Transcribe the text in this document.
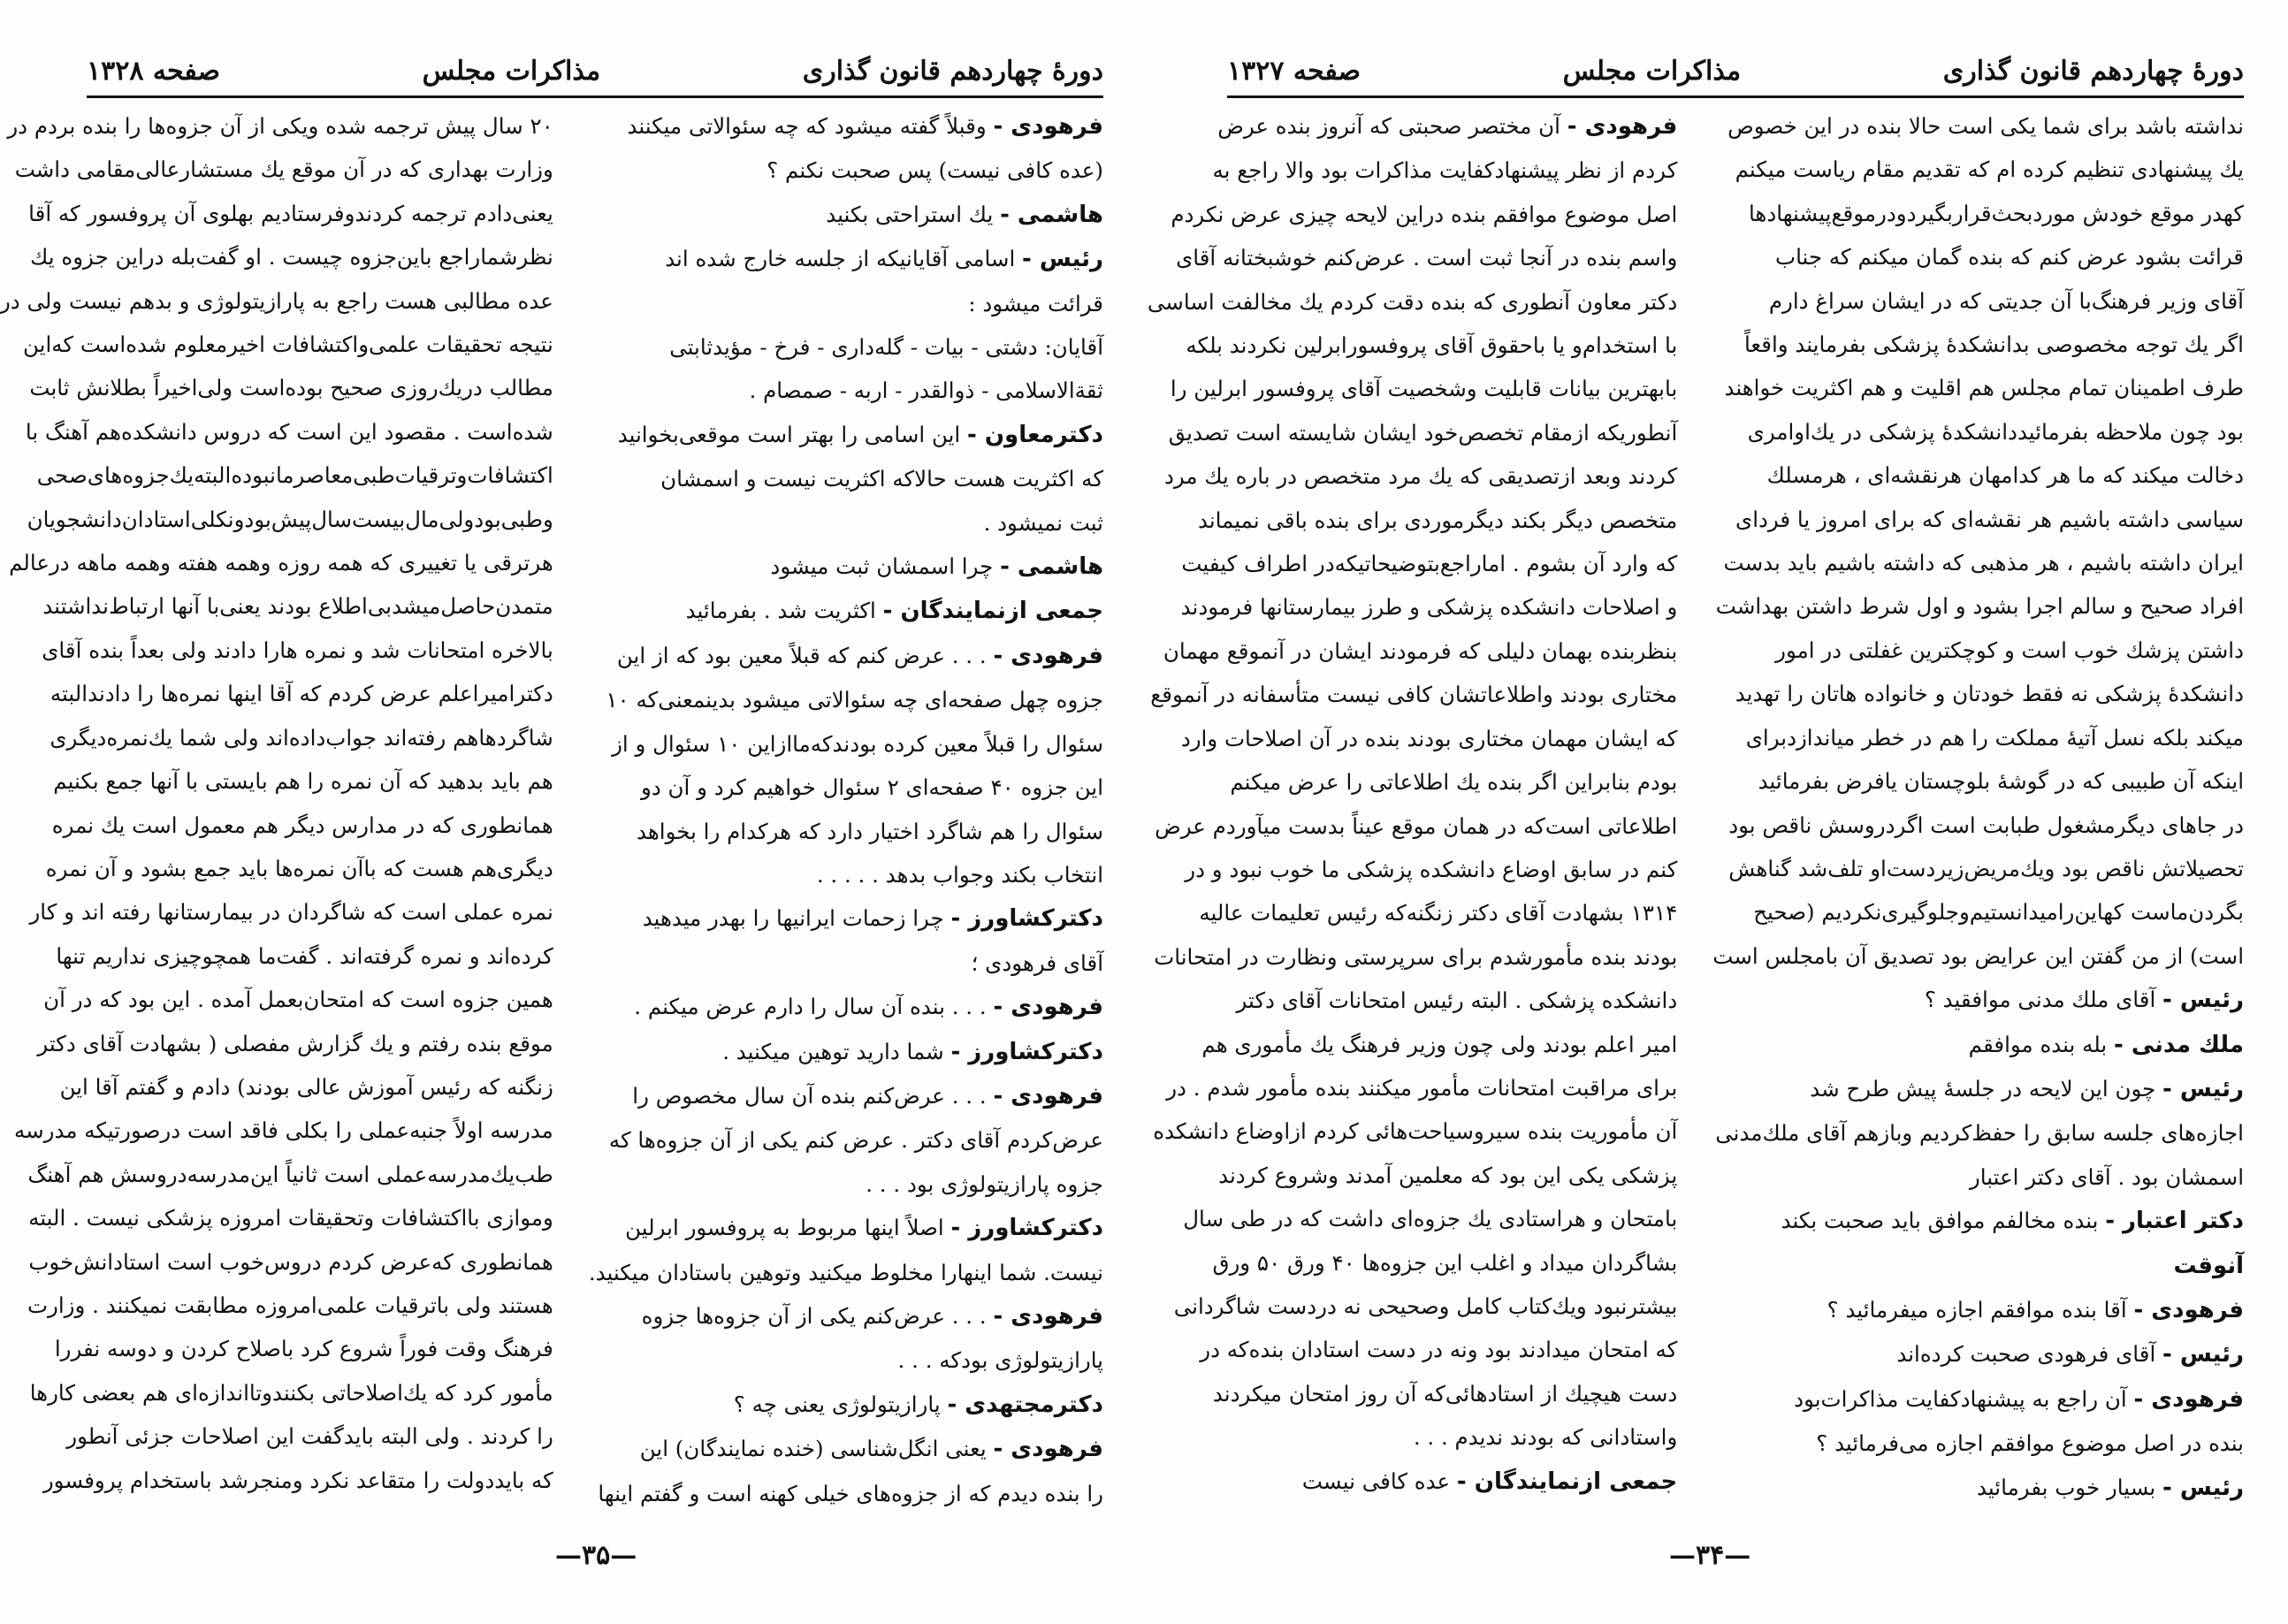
دورهٔ چهاردهم قانون گذاری
مذاکرات مجلس
صفحه ۱۳۲۸

فرهودی - وقبلاً گفته میشود که چه سئوالاتی میکنند

(عده کافی نیست) پس صحبت نکنم ؟

هاشمی - یك استراحتی بکنید

رئیس - اسامی آقایانیکه از جلسه خارج شده اند

قرائت میشود :

آقایان: دشتی - بیات - گله‌داری - فرخ - مؤیدثابتی

ثقةالاسلامی - ذوالقدر - اربه - صمصام .

دکترمعاون - این اسامی را بهتر است موقعی‌بخوانید

که اکثریت هست حالاکه اکثریت نیست و اسمشان

ثبت نمیشود .

هاشمی - چرا اسمشان ثبت میشود

جمعی ازنمایندگان - اکثریت شد . بفرمائید

فرهودی - . . . عرض کنم که قبلاً معین بود که از این

جزوه چهل صفحه‌ای چه سئوالاتی میشود بدینمعنی‌که ۱۰

سئوال را قبلاً معین کرده بودند‌که‌مااز‌این ۱۰ سئوال و از

این جزوه ۴۰ صفحه‌ای ۲ سئوال خواهیم کرد و آن دو

سئوال را هم شاگرد اختیار دارد که هرکدام را بخواهد

انتخاب بکند وجواب بدهد . . . . .

دکترکشاورز - چرا زحمات ایرانیها را بهدر میدهید

آقای فرهودی ؛

فرهودی - . . . بنده آن سال را دارم عرض میکنم .

دکترکشاورز - شما دارید توهین میکنید .

فرهودی - . . . عرض‌کنم بنده آن سال مخصوص را

عرض‌کردم آقای دکتر . عرض کنم یکی از آن جزوه‌ها که

جزوه پارازیتولوژی بود . . .

دکترکشاورز - اصلاً اینها مربوط به پروفسور ابرلین

نیست. شما اینهارا مخلوط میکنید وتوهین باستادان میکنید.

فرهودی - . . . عرض‌کنم یکی از آن جزوه‌ها جزوه

پارازیتولوژی بودکه . . .

دکترمجتهدی - پارازیتولوژی یعنی چه ؟

فرهودی - یعنی انگل‌شناسی (خنده نمایندگان) این

را بنده دیدم که از جزوه‌های خیلی کهنه است و گفتم اینها

۲۰ سال پیش ترجمه شده ویکی از آن جزوه‌ها را بنده بردم در

وزارت بهداری که در آن موقع یك مستشارعالی‌مقامی داشت

یعنی‌دادم ترجمه کردندوفرستادیم بهلوی آن پروفسور که آقا

نظرشمارا‌جع باین‌جزوه چیست . او گفت‌بله در‌این جزوه یك

عده مطالبی هست راجع به پارازیتولوژی و بدهم نیست ولی در

نتیجه تحقیقات علمی‌واکتشافات اخیرمعلوم شده‌است که‌این

مطالب دریك‌روزی صحیح بوده‌است ولی‌اخیراً بطلانش ثابت

شده‌است . مقصود این است که دروس دانشکده‌هم آهنگ با

اکتشافات‌وترقیات‌طبی‌معاصرمانبوده‌البته‌یك‌جزوه‌های‌صحی

وطبی‌بودولی‌مال‌بیست‌سال‌پیش‌بودونکلی‌استادان‌دانشجویان

هرترقی یا تغییری که همه روزه وهمه هفته وهمه ماهه درعالم

متمدن‌حاصل‌میشدبی‌اطلاع بودند یعنی‌با آنها ارتباط‌نداشتند

بالاخره امتحانات شد و نمره هارا دادند ولی بعداً بنده آقای

دکترامیراعلم عرض کردم که آقا اینها نمره‌ها را دادندالبته

شاگردهاهم رفته‌اند جواب‌داده‌اند ولی شما یك‌نمره‌دیگری

هم باید بدهید که آن نمره را هم بایستی با آنها جمع بکنیم

همانطوری که در مدارس دیگر هم معمول است یك نمره

دیگری‌هم هست که باآن نمره‌ها باید جمع بشود و آن نمره

نمره عملی است که شاگردان در بیمارستانها رفته اند و کار

کرده‌اند و نمره گرفته‌اند . گفت‌ما همچوچیزی نداریم تنها

همین جزوه است که امتحان‌بعمل آمده . این بود که در آن

موقع بنده رفتم و یك گزارش مفصلی ( بشهادت آقای دکتر

زنگنه که رئیس آموزش عالی بودند) دادم و گفتم آقا این

مدرسه اولاً جنبه‌عملی را بکلی فاقد است درصورتیکه مدرسه

طب‌یك‌مدرسه‌عملی است ثانیاً این‌مدرسه‌دروسش هم آهنگ

وموازی باا‌کتشافات وتحقیقات امروزه پزشکی نیست . البته

همانطوری که‌عرض کردم دروس‌خوب است استادانش‌خوب

هستند ولی باترقیات علمی‌امروزه مطابقت نمیکنند . وزارت

فرهنگ وقت فوراً شروع کرد باصلاح کردن و دوسه نفر‌را

مأمور کرد که یك‌اصلاحاتی بکنندو‌تااندازه‌ای هم بعضی کارها

را کردند . ولی البته بایدگفت این اصلاحات جزئی آنطور

که بایددولت را متقاعد نکرد ومنجرشد باستخدام پروفسور

—۳۵—
دورهٔ چهاردهم قانون گذاری
مذاکرات مجلس
صفحه ۱۳۲۷

نداشته باشد برای شما یکی است حالا بنده در این خصوص

یك پیشنهادی تنظیم کرده ام که تقدیم مقام ریاست میکنم

کهدر موقع خودش موردبحث‌قراربگیرد‌ودرموقع‌پیشنهادها

قرائت بشود عرض کنم که بنده گمان میکنم که جناب

آقای وزیر فرهنگ‌با آن جدیتی که در ایشان سراغ دارم

اگر یك توجه مخصوصی بدانشکدهٔ پزشکی بفرمایند واقعاً

طرف اطمینان تمام مجلس هم اقلیت و هم اکثریت خواهند

بود چون ملاحظه بفرمائیددانشکدهٔ پزشکی در یك‌اوامری

دخالت میکند که ما هر کدامهان هرنقشه‌ای ، هرمسلك

سیاسی داشته باشیم هر نقشه‌ای که برای امروز یا فردای

ایران داشته باشیم ، هر مذهبی که داشته باشیم باید بدست

افراد صحیح و سالم اجرا بشود و اول شرط داشتن بهداشت

داشتن پزشك خوب است و کوچکترین غفلتی در امور

دانشکدهٔ پزشکی نه فقط خودتان و خانواده هاتان را تهدید

میکند بلکه نسل آتیهٔ مملکت را هم در خطر میاندازدبرای

اینکه آن طبیبی که در گوشهٔ بلوچستان یافرض بفرمائید

در جاهای دیگرمشغول طبابت است اگردروسش ناقص بود

تحصیلاتش ناقص بود ویك‌مریض‌زیردست‌او تلف‌شد گناهش

بگردن‌ماست کهاین‌رامیدانستیم‌وجلوگیری‌نکردیم (صحیح

است) از من گفتن این عرایض بود تصدیق آن بامجلس است

رئیس - آقای ملك مدنی موافقید ؟

ملك مدنی - بله بنده موافقم

رئیس - چون این لایحه در جلسهٔ پیش طرح شد

اجازه‌های جلسه سابق را حفظ‌کردیم وبازهم آقای ملك‌مدنی

اسمشان بود . آقای دکتر اعتبار

دکتر اعتبار - بنده مخالفم موافق باید صحبت بکند

آنوقت

فرهودی - آقا بنده موافقم اجازه میفرمائید ؟

رئیس - آقای فرهودی صحبت کرده‌اند

فرهودی - آن راجع به پیشنهادکفایت مذاکرات‌بود

بنده در اصل موضوع موافقم اجازه می‌فرمائید ؟

رئیس - بسیار خوب بفرمائید

فرهودی - آن مختصر صحبتی که آنروز بنده عرض

کردم از نظر پیشنهادکفایت مذاکرات بود والا راجع به

اصل موضوع موافقم بنده دراین لایحه چیزی عرض نکردم

واسم بنده در آنجا ثبت است . عرض‌کنم خوشبختانه آقای

دکتر معاون آنطوری که بنده دقت کردم یك مخالفت اساسی

با استخدام‌و یا باحقوق آقای پروفسورابرلین نکردند بلکه

بابهترین بیانات قابلیت وشخصیت آقای پروفسور ابرلین را

آنطوریکه ازمقام تخصص‌خود ایشان شایسته است تصدیق

کردند وبعد ازتصدیقی که یك مرد متخصص در باره یك مرد

متخصص دیگر بکند دیگرموردی برای بنده باقی نمیماند

که وارد آن بشوم . اماراجع‌بتوضیحاتیکه‌در اطراف کیفیت

و اصلاحات دانشکده پزشکی و طرز بیمارستانها فرمودند

بنظربنده بهمان دلیلی که فرمودند ایشان در آنموقع مهمان

مختاری بودند واطلاعاتشان کافی نیست متأسفانه در آنموقع

که ایشان مهمان مختاری بودند بنده در آن اصلاحات وارد

بودم بنابراین اگر بنده یك اطلاعاتی را عرض میکنم

اطلاعاتی است‌که در همان موقع عیناً بدست میآوردم عرض

کنم در سابق اوضاع دانشکده پزشکی ما خوب نبود و در

۱۳۱۴ بشهادت آقای دکتر زنگنه‌که رئیس تعلیمات عالیه

بودند بنده مأمورشدم برای سرپرستی و‌نظارت در امتحانات

دانشکده پزشکی . البته رئیس امتحانات آقای دکتر

امیر اعلم بودند ولی چون وزیر فرهنگ یك مأموری هم

برای مراقبت امتحانات مأمور میکنند بنده مأمور شدم . در

آن مأموریت بنده سیروسیاحت‌هائی کردم ازاوضاع دانشکده

پزشکی یکی این بود که معلمین آمدند وشروع کردند

بامتحان و هراستادی یك جزوه‌ای داشت که در طی سال

بشاگردان میداد و اغلب این جزوه‌ها ۴۰ ورق ۵۰ ورق

بیشترنبود ویك‌کتاب کامل وصحیحی نه دردست شاگردانی

که امتحان میدادند بود ونه در دست استادان بنده‌که در

دست هیچیك از استادهائی‌که آن روز امتحان میکردند

واستادانی که بودند ندیدم . . .

جمعی ازنمایندگان - عده کافی نیست

—۳۴—
